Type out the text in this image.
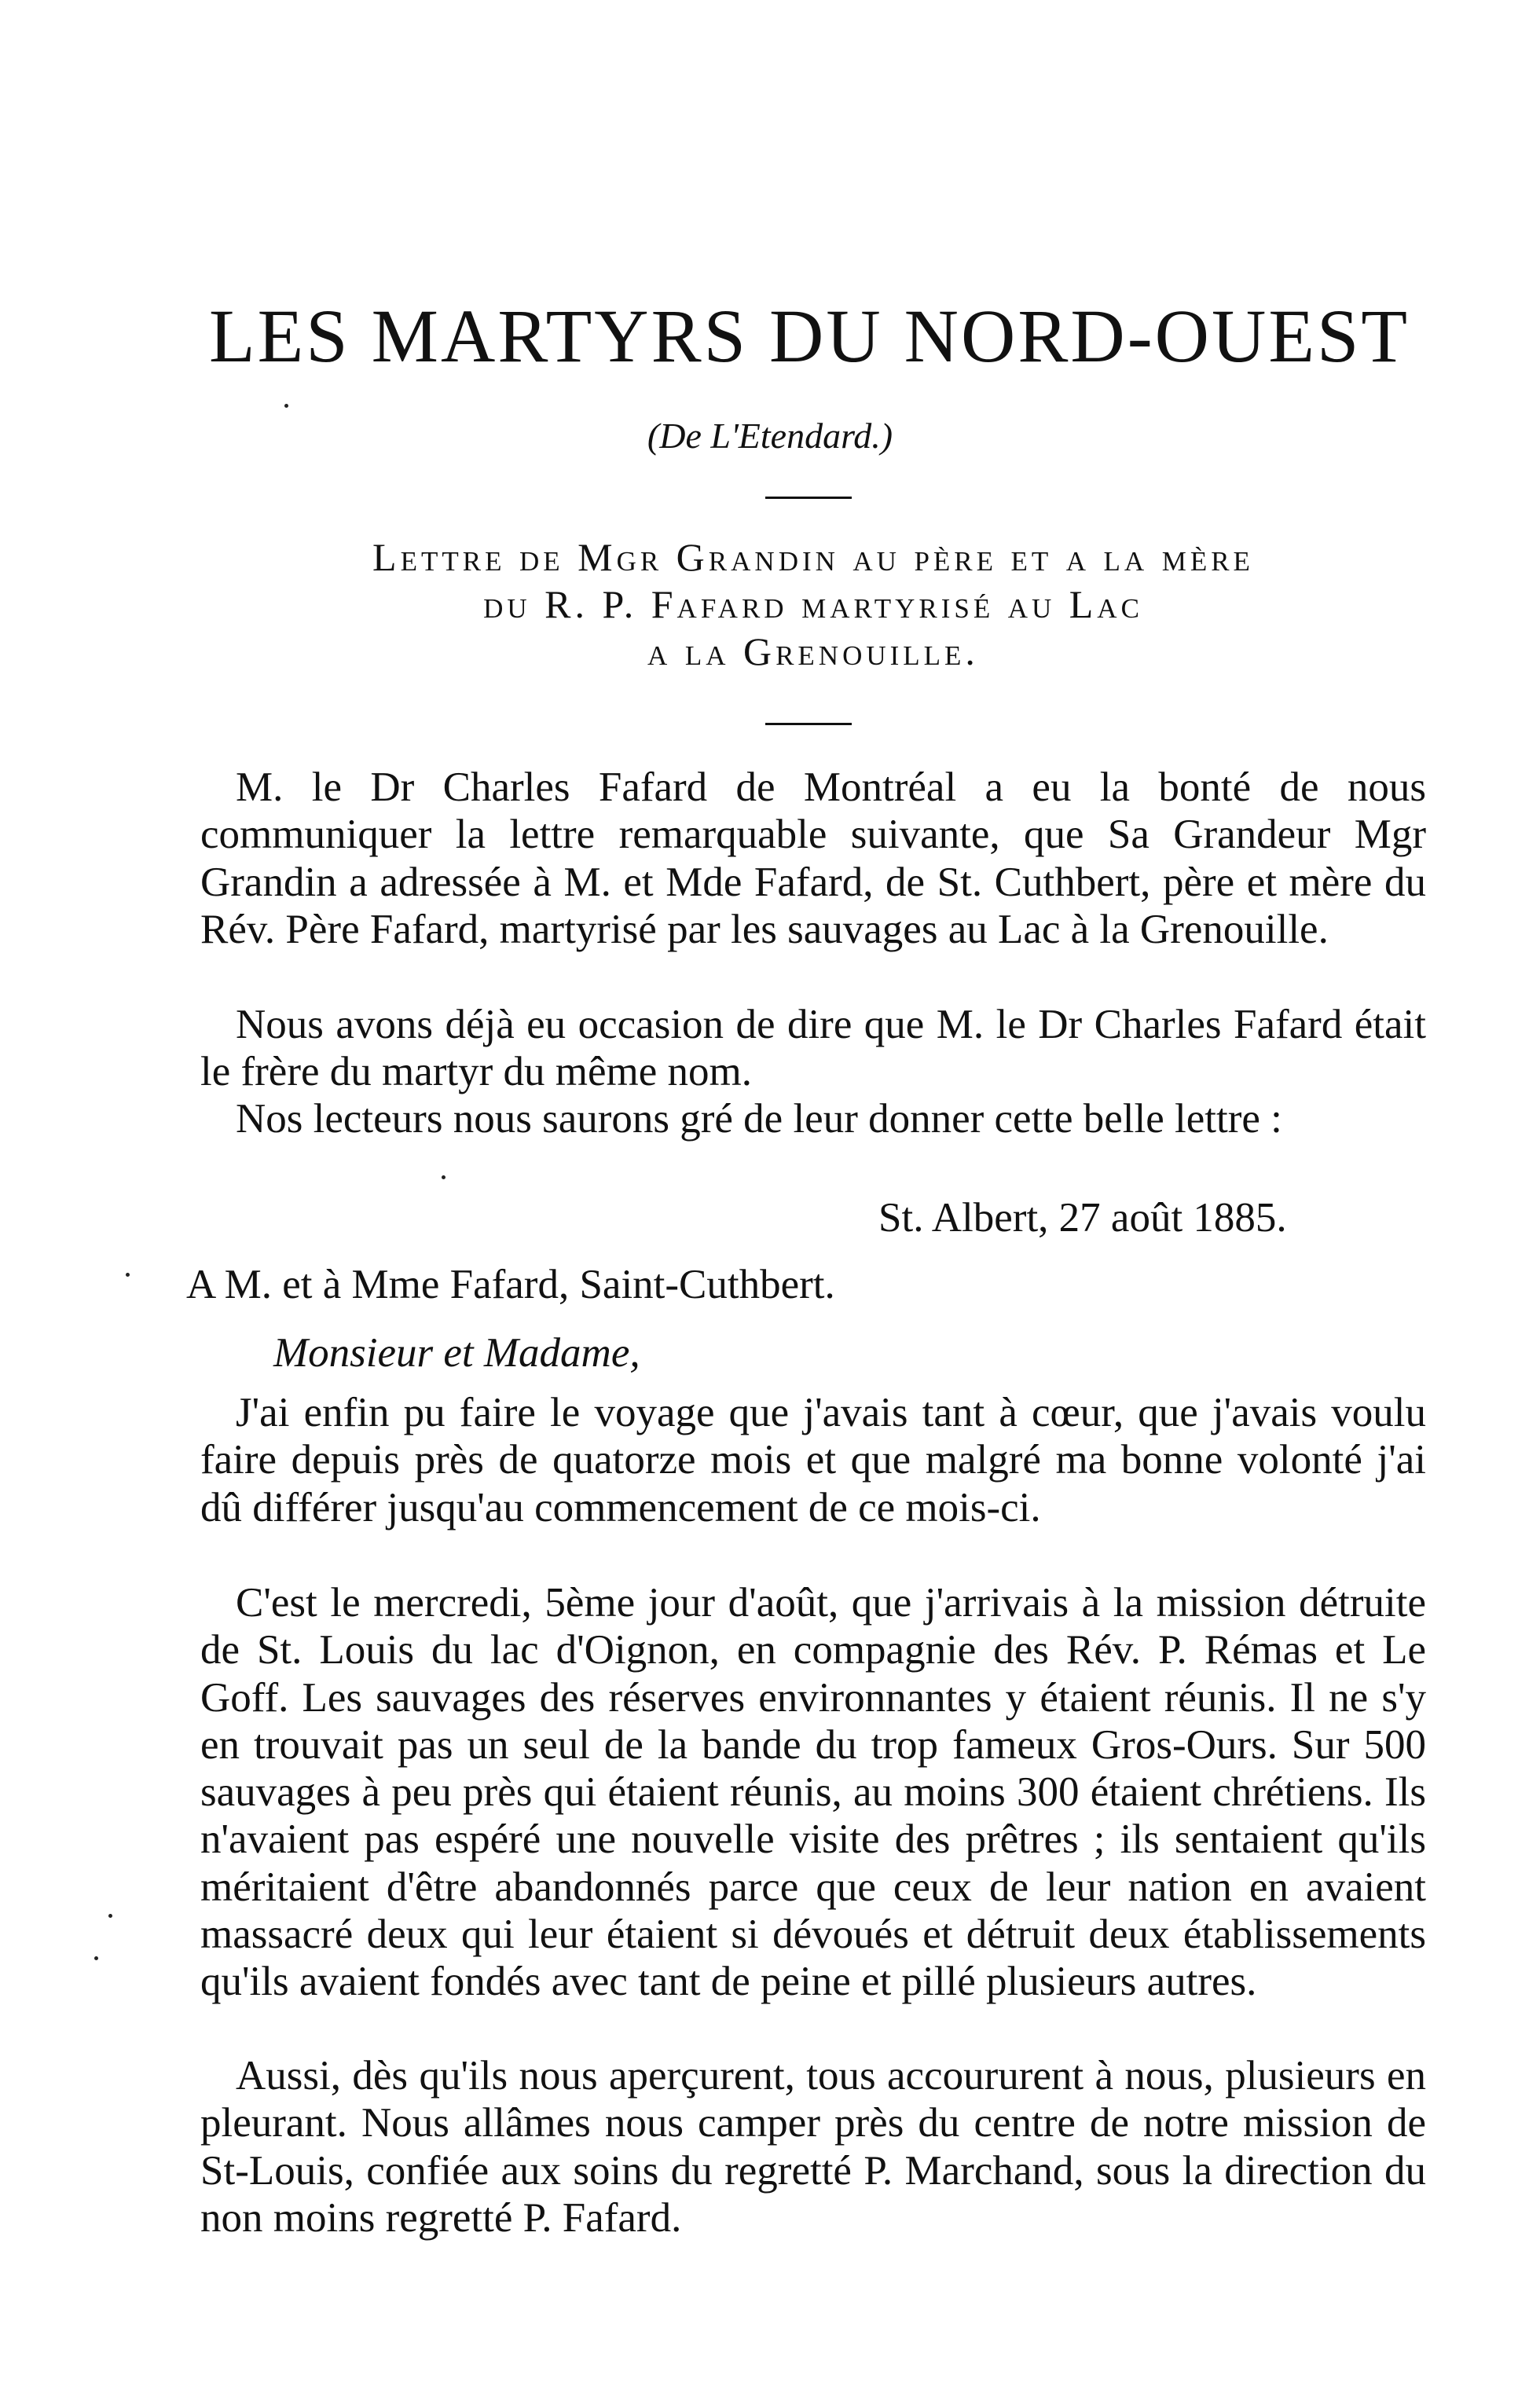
LES MARTYRS DU NORD-OUEST
(De L'Etendard.)
Lettre de Mgr Grandin au père et a la mère
du R. P. Fafard martyrisé au Lac
a la Grenouille.
M. le Dr Charles Fafard de Montréal a eu la bonté de nous communiquer la lettre remarquable suivante, que Sa Grandeur Mgr Grandin a adressée à M. et Mde Fafard, de St. Cuthbert, père et mère du Rév. Père Fafard, martyrisé par les sauvages au Lac à la Grenouille.
Nous avons déjà eu occasion de dire que M. le Dr Charles Fafard était le frère du martyr du même nom.
Nos lecteurs nous saurons gré de leur donner cette belle lettre :
St. Albert, 27 août 1885.
A M. et à Mme Fafard, Saint-Cuthbert.
Monsieur et Madame,
J'ai enfin pu faire le voyage que j'avais tant à cœur, que j'avais voulu faire depuis près de quatorze mois et que malgré ma bonne volonté j'ai dû différer jusqu'au commencement de ce mois-ci.
C'est le mercredi, 5ème jour d'août, que j'arrivais à la mission détruite de St. Louis du lac d'Oignon, en compagnie des Rév. P. Rémas et Le Goff. Les sauvages des réserves environnantes y étaient réunis. Il ne s'y en trouvait pas un seul de la bande du trop fameux Gros-Ours. Sur 500 sauvages à peu près qui étaient réunis, au moins 300 étaient chrétiens. Ils n'avaient pas espéré une nouvelle visite des prêtres ; ils sentaient qu'ils méritaient d'être abandonnés parce que ceux de leur nation en avaient massacré deux qui leur étaient si dévoués et détruit deux établissements qu'ils avaient fondés avec tant de peine et pillé plusieurs autres.
Aussi, dès qu'ils nous aperçurent, tous accoururent à nous, plusieurs en pleurant. Nous allâmes nous camper près du centre de notre mission de St-Louis, confiée aux soins du regretté P. Marchand, sous la direction du non moins regretté P. Fafard.
